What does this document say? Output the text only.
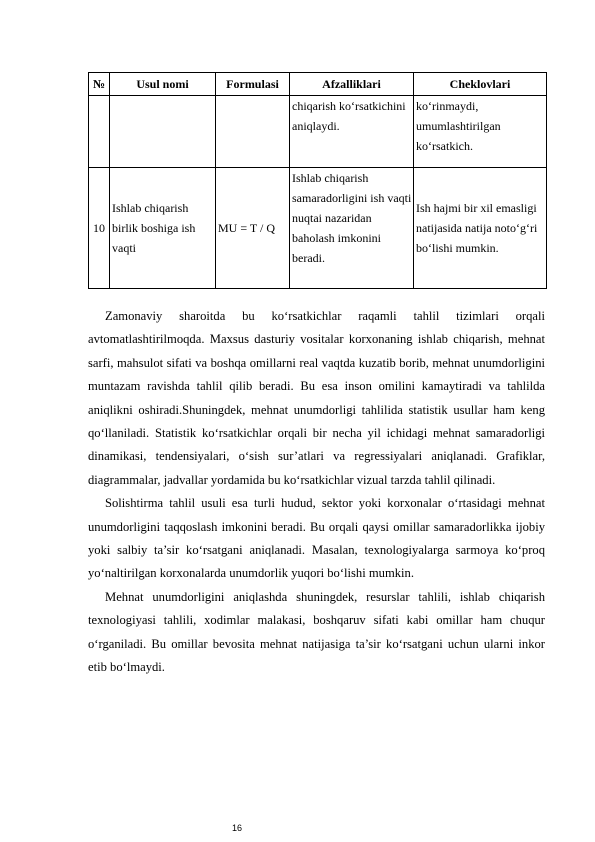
№	Usul nomi	Formulasi	Afzalliklari	Cheklovlari
			chiqarish ko‘rsatkichini aniqlaydi.	ko‘rinmaydi, umumlashtirilgan ko‘rsatkich.
10	Ishlab chiqarish birlik boshiga ish vaqti	MU = T / Q	Ishlab chiqarish samaradorligini ish vaqti nuqtai nazaridan baholash imkonini beradi.	Ish hajmi bir xil emasligi natijasida natija noto‘g‘ri bo‘lishi mumkin.

Zamonaviy sharoitda bu ko‘rsatkichlar raqamli tahlil tizimlari orqali avtomatlashtirilmoqda. Maxsus dasturiy vositalar korxonaning ishlab chiqarish, mehnat sarfi, mahsulot sifati va boshqa omillarni real vaqtda kuzatib borib, mehnat unumdorligini muntazam ravishda tahlil qilib beradi. Bu esa inson omilini kamaytiradi va tahlilda aniqlikni oshiradi.Shuningdek, mehnat unumdorligi tahlilida statistik usullar ham keng qo‘llaniladi. Statistik ko‘rsatkichlar orqali bir necha yil ichidagi mehnat samaradorligi dinamikasi, tendensiyalari, o‘sish sur’atlari va regressiyalari aniqlanadi. Grafiklar, diagrammalar, jadvallar yordamida bu ko‘rsatkichlar vizual tarzda tahlil qilinadi.

Solishtirma tahlil usuli esa turli hudud, sektor yoki korxonalar o‘rtasidagi mehnat unumdorligini taqqoslash imkonini beradi. Bu orqali qaysi omillar samaradorlikka ijobiy yoki salbiy ta’sir ko‘rsatgani aniqlanadi. Masalan, texnologiyalarga sarmoya ko‘proq yo‘naltirilgan korxonalarda unumdorlik yuqori bo‘lishi mumkin.

Mehnat unumdorligini aniqlashda shuningdek, resurslar tahlili, ishlab chiqarish texnologiyasi tahlili, xodimlar malakasi, boshqaruv sifati kabi omillar ham chuqur o‘rganiladi. Bu omillar bevosita mehnat natijasiga ta’sir ko‘rsatgani uchun ularni inkor etib bo‘lmaydi.

16
